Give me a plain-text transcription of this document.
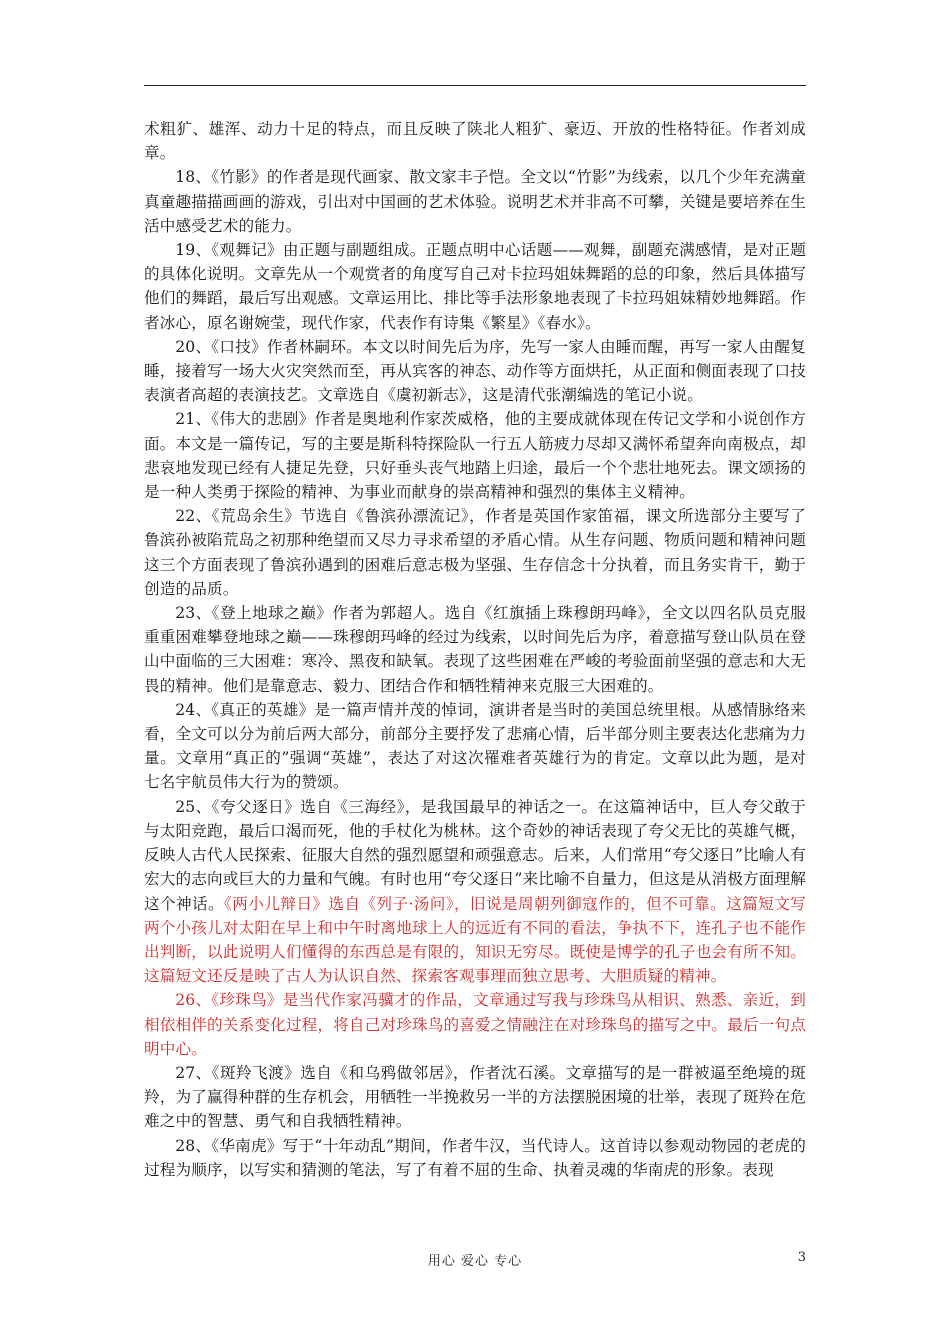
术粗犷、雄浑、动力十足的特点，而且反映了陕北人粗犷、豪迈、开放的性格特征。作者刘成章。

18、《竹影》的作者是现代画家、散文家丰子恺。全文以“竹影”为线索，以几个少年充满童真童趣描描画画的游戏，引出对中国画的艺术体验。说明艺术并非高不可攀，关键是要培养在生活中感受艺术的能力。

19、《观舞记》由正题与副题组成。正题点明中心话题——观舞，副题充满感情，是对正题的具体化说明。文章先从一个观赏者的角度写自己对卡拉玛姐妹舞蹈的总的印象，然后具体描写他们的舞蹈，最后写出观感。文章运用比、排比等手法形象地表现了卡拉玛姐妹精妙地舞蹈。作者冰心，原名谢婉莹，现代作家，代表作有诗集《繁星》《春水》。

20、《口技》作者林嗣环。本文以时间先后为序，先写一家人由睡而醒，再写一家人由醒复睡，接着写一场大火灾突然而至，再从宾客的神态、动作等方面烘托，从正面和侧面表现了口技表演者高超的表演技艺。文章选自《虞初新志》，这是清代张潮编选的笔记小说。

21、《伟大的悲剧》作者是奥地利作家茨威格，他的主要成就体现在传记文学和小说创作方面。本文是一篇传记，写的主要是斯科特探险队一行五人筋疲力尽却又满怀希望奔向南极点，却悲哀地发现已经有人捷足先登，只好垂头丧气地踏上归途，最后一个个悲壮地死去。课文颂扬的是一种人类勇于探险的精神、为事业而献身的崇高精神和强烈的集体主义精神。

22、《荒岛余生》节选自《鲁滨孙漂流记》，作者是英国作家笛福，课文所选部分主要写了鲁滨孙被陷荒岛之初那种绝望而又尽力寻求希望的矛盾心情。从生存问题、物质问题和精神问题这三个方面表现了鲁滨孙遇到的困难后意志极为坚强、生存信念十分执着，而且务实肯干，勤于创造的品质。

23、《登上地球之巅》作者为郭超人。选自《红旗插上珠穆朗玛峰》，全文以四名队员克服重重困难攀登地球之巅——珠穆朗玛峰的经过为线索，以时间先后为序，着意描写登山队员在登山中面临的三大困难：寒冷、黑夜和缺氧。表现了这些困难在严峻的考验面前坚强的意志和大无畏的精神。他们是靠意志、毅力、团结合作和牺牲精神来克服三大困难的。

24、《真正的英雄》是一篇声情并茂的悼词，演讲者是当时的美国总统里根。从感情脉络来看，全文可以分为前后两大部分，前部分主要抒发了悲痛心情，后半部分则主要表达化悲痛为力量。文章用“真正的”强调“英雄”，表达了对这次罹难者英雄行为的肯定。文章以此为题，是对七名宇航员伟大行为的赞颂。

25、《夸父逐日》选自《三海经》，是我国最早的神话之一。在这篇神话中，巨人夸父敢于与太阳竞跑，最后口渴而死，他的手杖化为桃林。这个奇妙的神话表现了夸父无比的英雄气概，反映人古代人民探索、征服大自然的强烈愿望和顽强意志。后来，人们常用“夸父逐日”比喻人有宏大的志向或巨大的力量和气魄。有时也用“夸父逐日”来比喻不自量力，但这是从消极方面理解这个神话。《两小儿辩日》选自《列子·汤问》，旧说是周朝列御寇作的，但不可靠。这篇短文写两个小孩儿对太阳在早上和中午时离地球上人的远近有不同的看法，争执不下，连孔子也不能作出判断，以此说明人们懂得的东西总是有限的，知识无穷尽。既使是博学的孔子也会有所不知。这篇短文还反是映了古人为认识自然、探索客观事理而独立思考、大胆质疑的精神。

26、《珍珠鸟》是当代作家冯骥才的作品，文章通过写我与珍珠鸟从相识、熟悉、亲近，到相依相伴的关系变化过程，将自己对珍珠鸟的喜爱之情融注在对珍珠鸟的描写之中。最后一句点明中心。

27、《斑羚飞渡》选自《和乌鸦做邻居》，作者沈石溪。文章描写的是一群被逼至绝境的斑羚，为了赢得种群的生存机会，用牺牲一半挽救另一半的方法摆脱困境的壮举，表现了斑羚在危难之中的智慧、勇气和自我牺牲精神。

28、《华南虎》写于“十年动乱”期间，作者牛汉，当代诗人。这首诗以参观动物园的老虎的过程为顺序，以写实和猜测的笔法，写了有着不屈的生命、执着灵魂的华南虎的形象。表现

用心 爱心 专心	3
